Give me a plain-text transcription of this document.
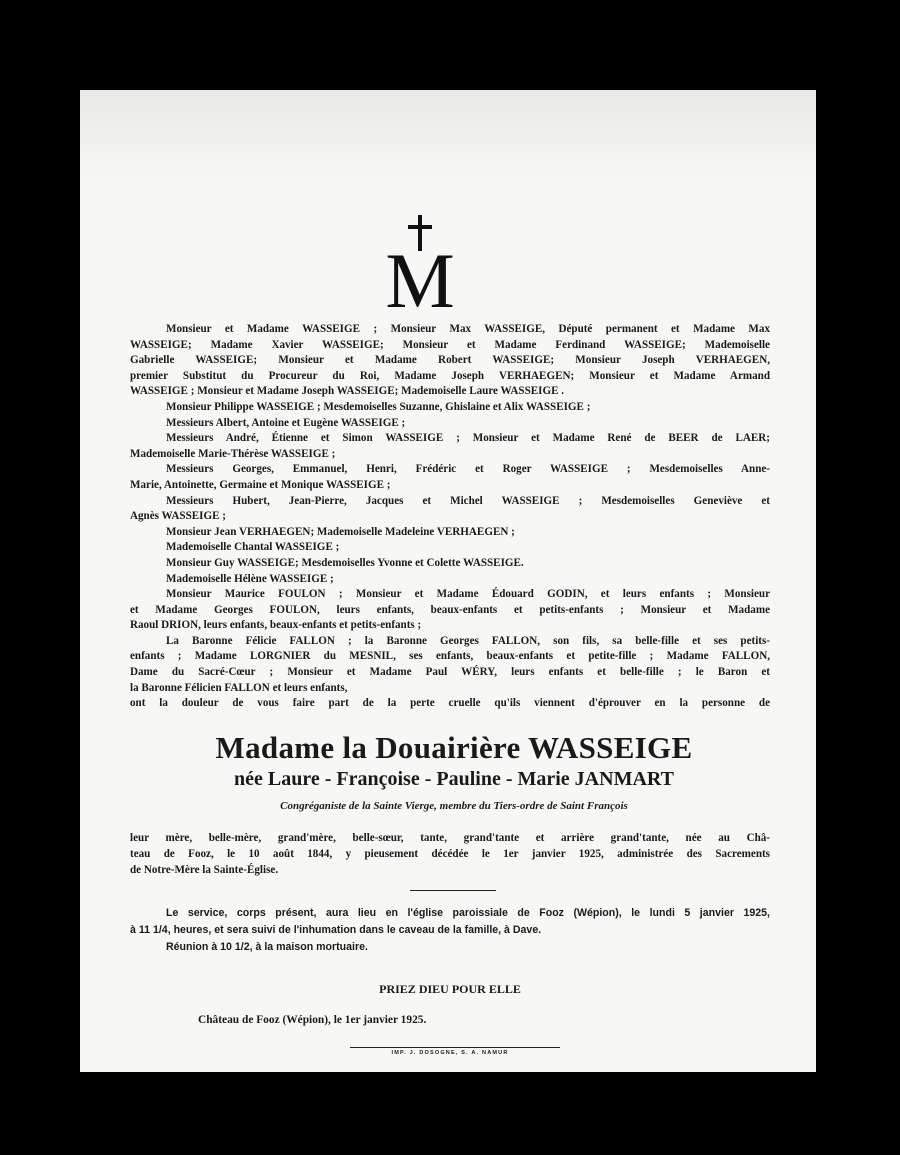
M
Monsieur et Madame WASSEIGE ; Monsieur Max WASSEIGE, Député permanent et Madame Max
WASSEIGE; Madame Xavier WASSEIGE; Monsieur et Madame Ferdinand WASSEIGE; Mademoiselle
Gabrielle WASSEIGE; Monsieur et Madame Robert WASSEIGE; Monsieur Joseph VERHAEGEN,
premier Substitut du Procureur du Roi, Madame Joseph VERHAEGEN; Monsieur et Madame Armand
WASSEIGE ; Monsieur et Madame Joseph WASSEIGE; Mademoiselle Laure WASSEIGE .
Monsieur Philippe WASSEIGE ; Mesdemoiselles Suzanne, Ghislaine et Alix WASSEIGE ;
Messieurs Albert, Antoine et Eugène WASSEIGE ;
Messieurs André, Étienne et Simon WASSEIGE ; Monsieur et Madame René de BEER de LAER;
Mademoiselle Marie-Thérèse WASSEIGE ;
Messieurs Georges, Emmanuel, Henri, Frédéric et Roger WASSEIGE ; Mesdemoiselles Anne-
Marie, Antoinette, Germaine et Monique WASSEIGE ;
Messieurs Hubert, Jean-Pierre, Jacques et Michel WASSEIGE ; Mesdemoiselles Geneviève et
Agnès WASSEIGE ;
Monsieur Jean VERHAEGEN; Mademoiselle Madeleine VERHAEGEN ;
Mademoiselle Chantal WASSEIGE ;
Monsieur Guy WASSEIGE; Mesdemoiselles Yvonne et Colette WASSEIGE.
Mademoiselle Hélène WASSEIGE ;
Monsieur Maurice FOULON ; Monsieur et Madame Édouard GODIN, et leurs enfants ; Monsieur
et Madame Georges FOULON, leurs enfants, beaux-enfants et petits-enfants ; Monsieur et Madame
Raoul DRION, leurs enfants, beaux-enfants et petits-enfants ;
La Baronne Félicie FALLON ; la Baronne Georges FALLON, son fils, sa belle-fille et ses petits-
enfants ; Madame LORGNIER du MESNIL, ses enfants, beaux-enfants et petite-fille ; Madame FALLON,
Dame du Sacré-Cœur ; Monsieur et Madame Paul WÉRY, leurs enfants et belle-fille ; le Baron et
la Baronne Félicien FALLON et leurs enfants,
ont la douleur de vous faire part de la perte cruelle qu'ils viennent d'éprouver en la personne de
Madame la Douairière WASSEIGE
née Laure - Françoise - Pauline - Marie JANMART
Congréganiste de la Sainte Vierge, membre du Tiers-ordre de Saint François
leur mère, belle-mère, grand'mère, belle-sœur, tante, grand'tante et arrière grand'tante, née au Châ-
teau de Fooz, le 10 août 1844, y pieusement décédée le 1er janvier 1925, administrée des Sacrements
de Notre-Mère la Sainte-Église.
Le service, corps présent, aura lieu en l'église paroissiale de Fooz (Wépion), le lundi 5 janvier 1925,
à 11 1/4, heures, et sera suivi de l'inhumation dans le caveau de la famille, à Dave.
Réunion à 10 1/2, à la maison mortuaire.
PRIEZ DIEU POUR ELLE
Château de Fooz (Wépion), le 1er janvier 1925.
IMP. J. DOSOGNE, S. A. NAMUR
